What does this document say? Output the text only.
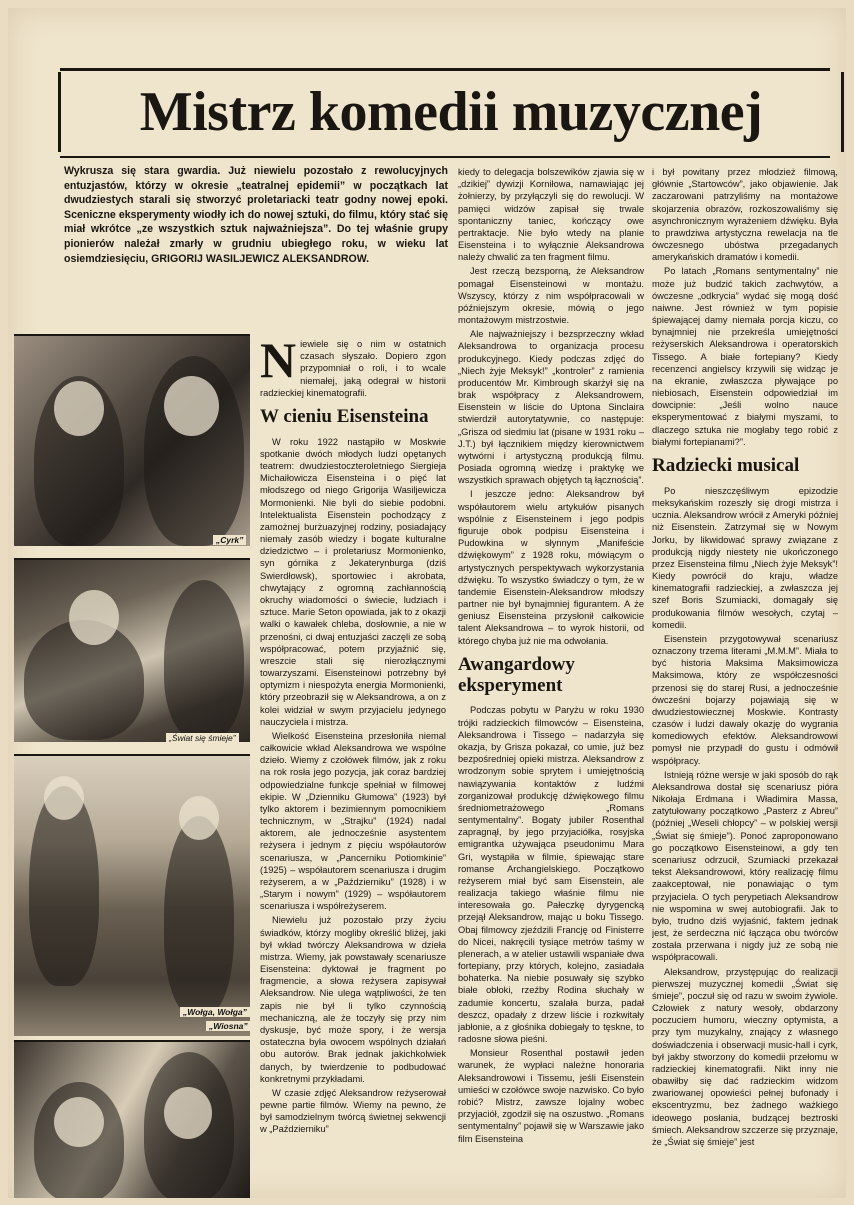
Mistrz komedii muzycznej

Wykrusza się stara gwardia. Już niewielu pozostało z rewolucyjnych entuzjastów, którzy w okresie „teatralnej epidemii” w początkach lat dwudziestych starali się stworzyć proletariacki teatr godny nowej epoki. Sceniczne eksperymenty wiodły ich do nowej sztuki, do filmu, który stać się miał wkrótce „ze wszystkich sztuk najważniejsza”. Do tej właśnie grupy pionierów należał zmarły w grudniu ubiegłego roku, w wieku lat osiemdziesięciu, GRIGORIJ WASILJEWICZ ALEKSANDROW.

„Cyrk”
„Świat się śmieje”
„Wołga, Wołga”
„Wiosna”

Niewiele się o nim w ostatnich czasach słyszało. Dopiero zgon przypomniał o roli, i to wcale niemałej, jaką odegrał w historii radzieckiej kinematografii.

W cieniu Eisensteina

W roku 1922 nastąpiło w Moskwie spotkanie dwóch młodych ludzi opętanych teatrem: dwudziestoczteroletniego Siergieja Michaiłowicza Eisensteina i o pięć lat młodszego od niego Grigorija Wasiljewicza Mormonienki. Nie byli do siebie podobni. Intelektualista Eisenstein pochodzący z zamożnej burżuazyjnej rodziny, posiadający niemały zasób wiedzy i bogate kulturalne dziedzictwo – i proletariusz Mormonienko, syn górnika z Jekaterynburga (dziś Swierdłowsk), sportowiec i akrobata, chwytający z ogromną zachłannością okruchy wiadomości o świecie, ludziach i sztuce. Marie Seton opowiada, jak to z okazji walki o kawałek chleba, dosłownie, a nie w przenośni, ci dwaj entuzjaści zaczęli ze sobą współpracować, potem przyjaźnić się, wreszcie stali się nierozłącznymi towarzyszami. Eisensteinowi potrzebny był optymizm i niespożyta energia Mormonienki, który przeobraził się w Aleksandrowa, a on z kolei widział w swym przyjacielu jedynego nauczyciela i mistrza.

Wielkość Eisensteina przesłoniła niemal całkowicie wkład Aleksandrowa we wspólne dzieło. Wiemy z czołówek filmów, jak z roku na rok rosła jego pozycja, jak coraz bardziej odpowiedzialne funkcje spełniał w filmowej ekipie. W „Dzienniku Głumowa” (1923) był tylko aktorem i bezimiennym pomocnikiem technicznym, w „Strajku” (1924) nadal aktorem, ale jednocześnie asystentem reżysera i jednym z pięciu współautorów scenariusza, w „Pancerniku Potiomkinie” (1925) – współautorem scenariusza i drugim reżyserem, a w „Październiku” (1928) i w „Starym i nowym” (1929) – współautorem scenariusza i współreżyserem.

Niewielu już pozostało przy życiu świadków, którzy mogliby określić bliżej, jaki był wkład twórczy Aleksandrowa w dzieła mistrza. Wiemy, jak powstawały scenariusze Eisensteina: dyktował je fragment po fragmencie, a słowa reżysera zapisywał Aleksandrow. Nie ulega wątpliwości, że ten zapis nie był li tylko czynnością mechaniczną, ale że toczyły się przy nim dyskusje, być może spory, i że wersja ostateczna była owocem wspólnych działań obu autorów. Brak jednak jakichkolwiek danych, by twierdzenie to podbudować konkretnymi przykładami.

W czasie zdjęć Aleksandrow reżyserował pewne partie filmów. Wiemy na pewno, że był samodzielnym twórcą świetnej sekwencji w „Październiku”

kiedy to delegacja bolszewików zjawia się w „dzikiej” dywizji Korniłowa, namawiając jej żołnierzy, by przyłączyli się do rewolucji. W pamięci widzów zapisał się trwale spontaniczny taniec, kończący owe pertraktacje. Nie było wtedy na planie Eisensteina i to wyłącznie Aleksandrowa należy chwalić za ten fragment filmu.

Jest rzeczą bezsporną, że Aleksandrow pomagał Eisensteinowi w montażu. Wszyscy, którzy z nim współpracowali w późniejszym okresie, mówią o jego montażowym mistrzostwie.

Ale najważniejszy i bezsprzeczny wkład Aleksandrowa to organizacja procesu produkcyjnego. Kiedy podczas zdjęć do „Niech żyje Meksyk!” „kontroler” z ramienia producentów Mr. Kimbrough skarżył się na brak współpracy z Aleksandrowem, Eisenstein w liście do Uptona Sinclaira stwierdził autorytatywnie, co następuje: „Grisza od siedmiu lat (pisane w 1931 roku – J.T.) był łącznikiem między kierownictwem wytwórni i artystyczną produkcją filmu. Posiada ogromną wiedzę i praktykę we wszystkich sprawach objętych tą łącznością”.

I jeszcze jedno: Aleksandrow był współautorem wielu artykułów pisanych wspólnie z Eisensteinem i jego podpis figuruje obok podpisu Eisensteina i Pudowkina w słynnym „Manifeście dźwiękowym” z 1928 roku, mówiącym o artystycznych perspektywach wykorzystania dźwięku. To wszystko świadczy o tym, że w tandemie Eisenstein-Aleksandrow młodszy partner nie był bynajmniej figurantem. A że geniusz Eisensteina przysłonił całkowicie talent Aleksandrowa – to wyrok historii, od którego chyba już nie ma odwołania.

Awangardowy eksperyment

Podczas pobytu w Paryżu w roku 1930 trójki radzieckich filmowców – Eisensteina, Aleksandrowa i Tissego – nadarzyła się okazja, by Grisza pokazał, co umie, już bez bezpośredniej opieki mistrza. Aleksandrow z wrodzonym sobie sprytem i umiejętnością nawiązywania kontaktów z ludźmi zorganizował produkcję dźwiękowego filmu średniometrażowego „Romans sentymentalny”. Bogaty jubiler Rosenthal zapragnął, by jego przyjaciółka, rosyjska emigrantka używająca pseudonimu Mara Gri, wystąpiła w filmie, śpiewając stare romanse Archangielskiego. Początkowo reżyserem miał być sam Eisenstein, ale realizacja takiego właśnie filmu nie interesowała go. Pałeczkę dyrygencką przejął Aleksandrow, mając u boku Tissego. Obaj filmowcy zjeździli Francję od Finisterre do Nicei, nakręcili tysiące metrów taśmy w plenerach, a w atelier ustawili wspaniałe dwa fortepiany, przy których, kolejno, zasiadała bohaterka. Na niebie posuwały się szybko białe obłoki, rzeźby Rodina słuchały w zadumie koncertu, szalała burza, padał deszcz, opadały z drzew liście i rozkwitały jabłonie, a z głośnika dobiegały to tęskne, to radosne słowa pieśni.

Monsieur Rosenthal postawił jeden warunek, że wypłaci należne honoraria Aleksandrowowi i Tissemu, jeśli Eisenstein umieści w czołówce swoje nazwisko. Co było robić? Mistrz, zawsze lojalny wobec przyjaciół, zgodził się na oszustwo. „Romans sentymentalny” pojawił się w Warszawie jako film Eisensteina

i był powitany przez młodzież filmową, głównie „Startowców”, jako objawienie. Jak zaczarowani patrzyliśmy na montażowe skojarzenia obrazów, rozkoszowaliśmy się asynchronicznym wyrażeniem dźwięku. Była to prawdziwa artystyczna rewelacja na tle ówczesnego ubóstwa przegadanych amerykańskich dramatów i komedii.

Po latach „Romans sentymentalny” nie może już budzić takich zachwytów, a ówczesne „odkrycia” wydać się mogą dość naiwne. Jest również w tym popisie śpiewającej damy niemała porcja kiczu, co bynajmniej nie przekreśla umiejętności reżyserskich Aleksandrowa i operatorskich Tissego. A białe fortepiany? Kiedy recenzenci angielscy krzywili się widząc je na ekranie, zwłaszcza pływające po niebiosach, Eisenstein odpowiedział im dowcipnie: „Jeśli wolno nauce eksperymentować z białymi myszami, to dlaczego sztuka nie mogłaby tego robić z białymi fortepianami?”.

Radziecki musical

Po nieszczęśliwym epizodzie meksykańskim rozeszły się drogi mistrza i ucznia. Aleksandrow wrócił z Ameryki później niż Eisenstein. Zatrzymał się w Nowym Jorku, by likwidować sprawy związane z produkcją nigdy niestety nie ukończonego przez Eisensteina filmu „Niech żyje Meksyk”! Kiedy powrócił do kraju, władze kinematografii radzieckiej, a zwłaszcza jej szef Boris Szumiacki, domagały się produkowania filmów wesołych, czytaj – komedii.

Eisenstein przygotowywał scenariusz oznaczony trzema literami „M.M.M”. Miała to być historia Maksima Maksimowicza Maksimowa, który ze współczesności przenosi się do starej Rusi, a jednocześnie ówcześni bojarzy pojawiają się w dwudziestowiecznej Moskwie. Kontrasty czasów i ludzi dawały okazję do wygrania komediowych efektów. Aleksandrowowi pomysł nie przypadł do gustu i odmówił współpracy.

Istnieją różne wersje w jaki sposób do rąk Aleksandrowa dostał się scenariusz pióra Nikołaja Erdmana i Władimira Massa, zatytułowany początkowo „Pasterz z Abreu” (później „Weseli chłopcy” – w polskiej wersji „Świat się śmieje”). Ponoć zaproponowano go początkowo Eisensteinowi, a gdy ten scenariusz odrzucił, Szumiacki przekazał tekst Aleksandrowowi, który realizację filmu zaakceptował, nie ponawiając o tym przyjaciela. O tych perypetiach Aleksandrow nie wspomina w swej autobiografii. Jak to było, trudno dziś wyjaśnić, faktem jednak jest, że serdeczna nić łącząca obu twórców została przerwana i nigdy już ze sobą nie współpracowali.

Aleksandrow, przystępując do realizacji pierwszej muzycznej komedii „Świat się śmieje”, poczuł się od razu w swoim żywiole. Człowiek z natury wesoły, obdarzony poczuciem humoru, wieczny optymista, a przy tym muzykalny, znający z własnego doświadczenia i obserwacji music-hall i cyrk, był jakby stworzony do komedii przełomu w radzieckiej kinematografii. Nikt inny nie obawiłby się dać radzieckim widzom zwariowanej opowieści pełnej bufonady i ekscentryzmu, bez żadnego ważkiego ideowego posłania, budzącej beztroski śmiech. Aleksandrow szczerze się przyznaje, że „Świat się śmieje” jest
